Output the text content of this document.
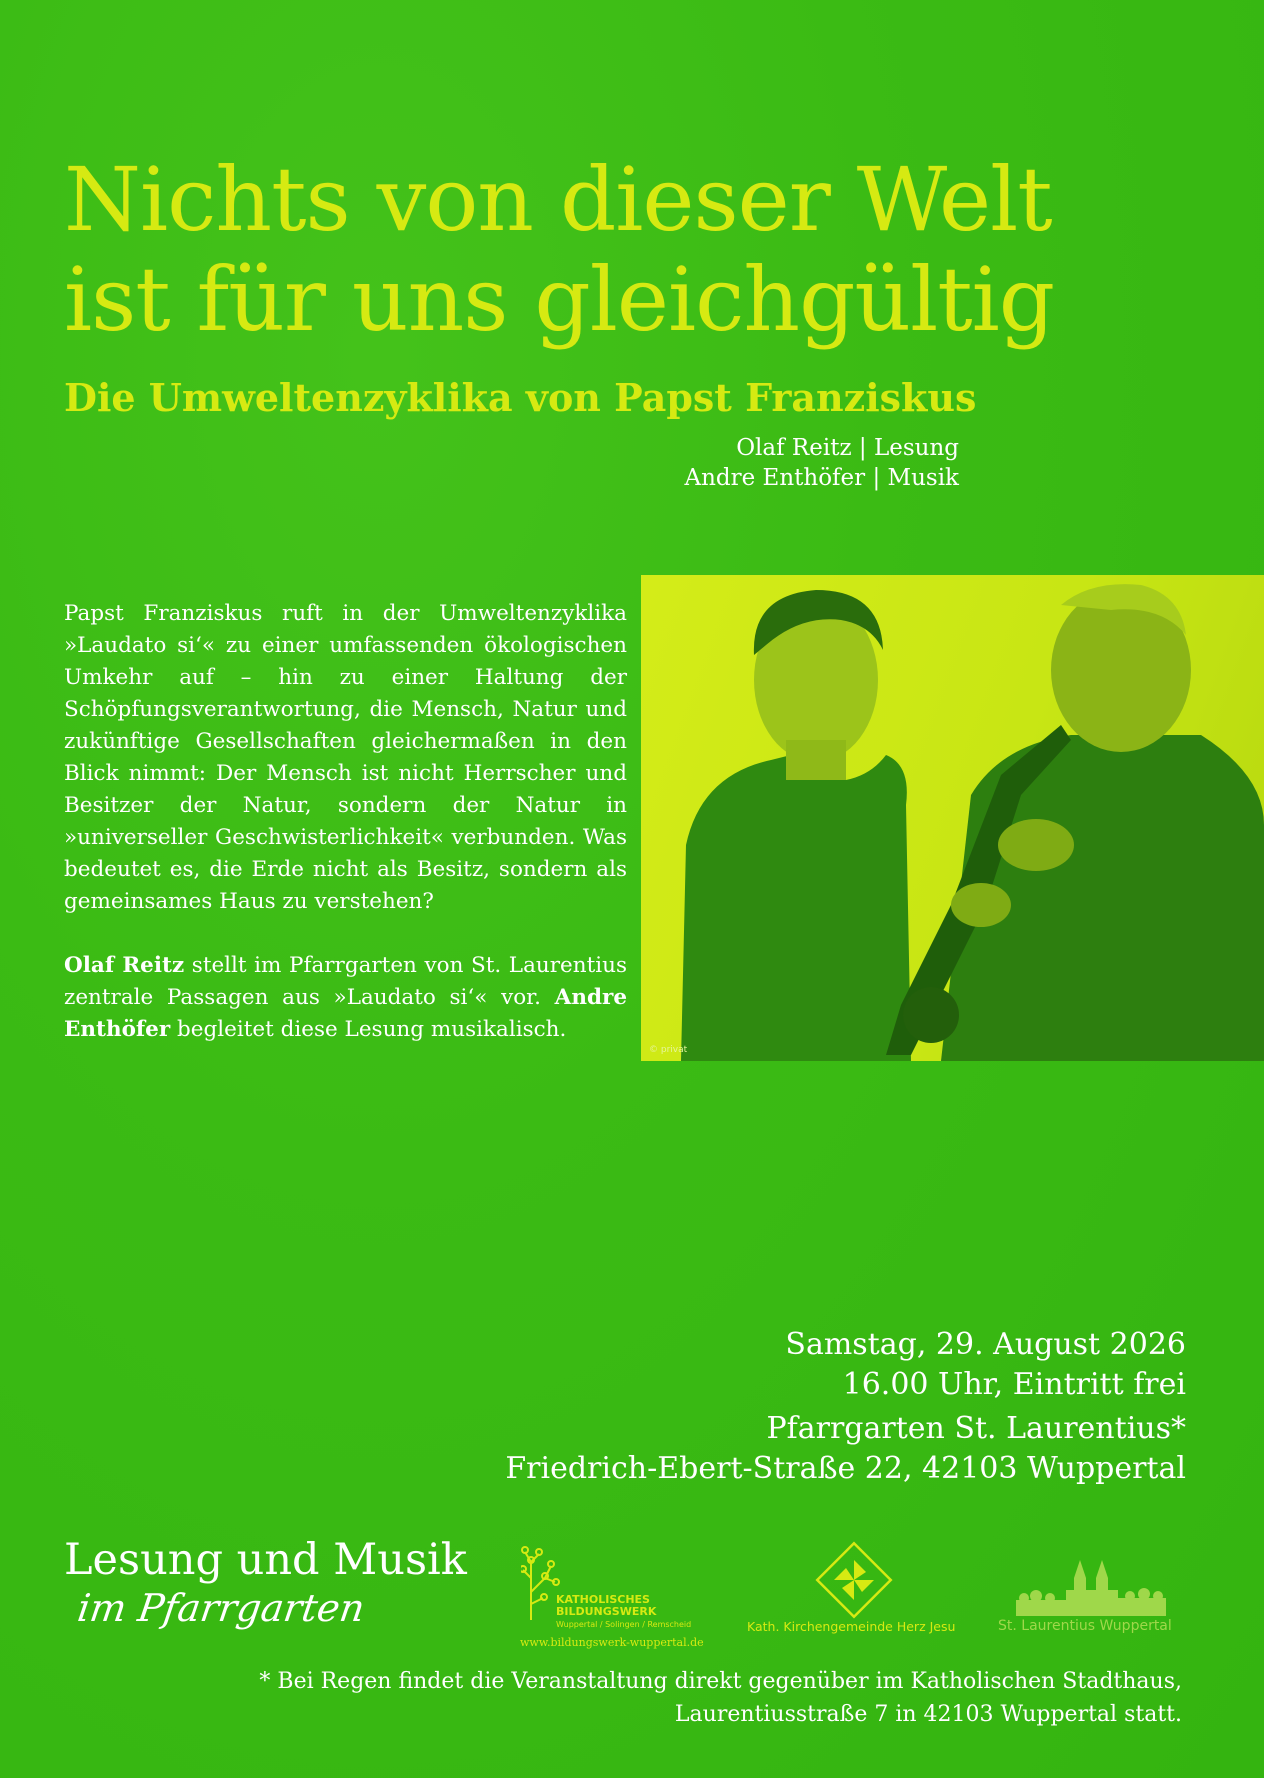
Nichts von dieser Welt
ist für uns gleichgültig
Die Umweltenzyklika von Papst Franziskus
Olaf Reitz | Lesung
Andre Enthöfer | Musik

Papst Franziskus ruft in der Umweltenzyklika »Laudato si‘« zu einer umfassenden ökologischen Umkehr auf – hin zu einer Haltung der Schöpfungsverantwortung, die Mensch, Natur und zukünftige Gesellschaften gleichermaßen in den Blick nimmt: Der Mensch ist nicht Herrscher und Besitzer der Natur, sondern der Natur in »universeller Geschwisterlichkeit« verbunden. Was bedeutet es, die Erde nicht als Besitz, sondern als gemeinsames Haus zu verstehen?

Olaf Reitz stellt im Pfarrgarten von St. Laurentius zentrale Passagen aus »Laudato si‘« vor. Andre Enthöfer begleitet diese Lesung musikalisch.

© privat
Samstag, 29. August 2026
16.00 Uhr, Eintritt frei
Pfarrgarten St. Laurentius*
Friedrich-Ebert-Straße 22, 42103 Wuppertal
Lesung und Musik
im Pfarrgarten	KATHOLISCHES
BILDUNGSWERK
Wuppertal / Solingen / Remscheid
www.bildungswerk-wuppertal.de
Kath. Kirchengemeinde Herz Jesu	St. Laurentius Wuppertal
* Bei Regen findet die Veranstaltung direkt gegenüber im Katholischen Stadthaus,
Laurentiusstraße 7 in 42103 Wuppertal statt.
